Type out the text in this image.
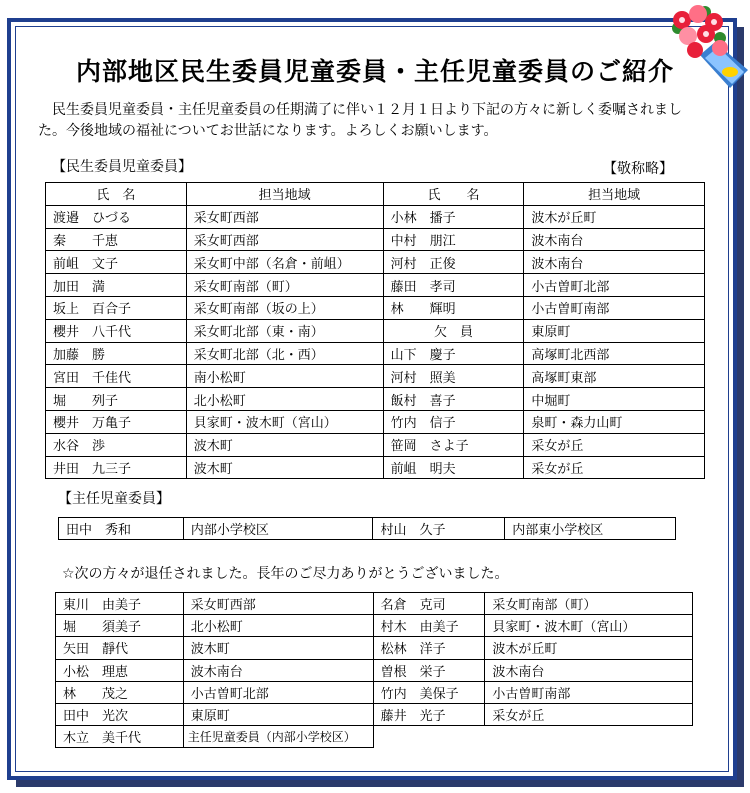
内部地区民生委員児童委員・主任児童委員のご紹介
民生委員児童委員・主任児童委員の任期満了に伴い１２月１日より下記の方々に新しく委嘱されました。今後地域の福祉についてお世話になります。よろしくお願いします。
【民生委員児童委員】	【敬称略】
氏　名	担当地域	氏　　名	担当地域
渡邉　ひづる	采女町西部	小林　播子	波木が丘町
秦　　千恵	采女町西部	中村　朋江	波木南台
前岨　文子	采女町中部（名倉・前岨）	河村　正俊	波木南台
加田　満	采女町南部（町）	藤田　孝司	小古曽町北部
坂上　百合子	采女町南部（坂の上）	林　　輝明	小古曽町南部
櫻井　八千代	采女町北部（東・南）	欠　員	東原町
加藤　勝	采女町北部（北・西）	山下　慶子	高塚町北西部
宮田　千佳代	南小松町	河村　照美	高塚町東部
堀　　列子	北小松町	飯村　喜子	中堀町
櫻井　万亀子	貝家町・波木町（宮山）	竹内　信子	泉町・森力山町
水谷　渉	波木町	笹岡　さよ子	采女が丘
井田　九三子	波木町	前岨　明夫	采女が丘
【主任児童委員】
田中　秀和	内部小学校区	村山　久子	内部東小学校区
☆次の方々が退任されました。長年のご尽力ありがとうございました。
東川　由美子	采女町西部	名倉　克司	采女町南部（町）
堀　　須美子	北小松町	村木　由美子	貝家町・波木町（宮山）
矢田　靜代	波木町	松林　洋子	波木が丘町
小松　理恵	波木南台	曽根　栄子	波木南台
林　　茂之	小古曽町北部	竹内　美保子	小古曽町南部
田中　光次	東原町	藤井　光子	采女が丘
木立　美千代	主任児童委員（内部小学校区）		
